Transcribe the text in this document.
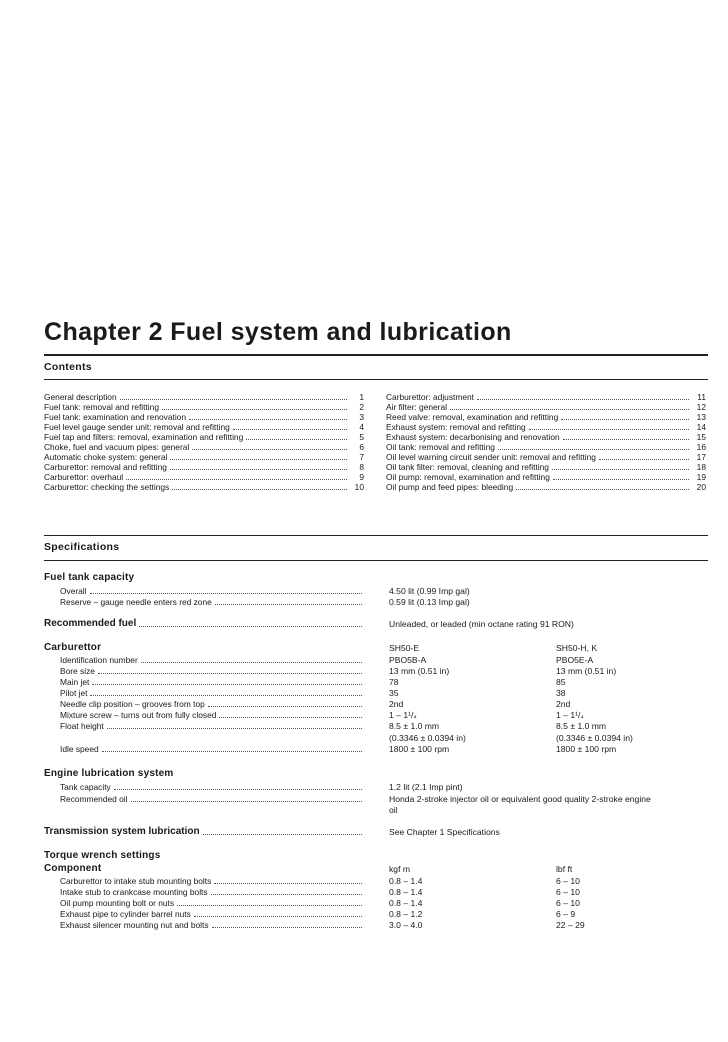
Chapter 2 Fuel system and lubrication
Contents
General description	1
Fuel tank: removal and refitting	2
Fuel tank: examination and renovation	3
Fuel level gauge sender unit: removal and refitting	4
Fuel tap and filters: removal, examination and refitting	5
Choke, fuel and vacuum pipes: general	6
Automatic choke system: general	7
Carburettor: removal and refitting	8
Carburettor: overhaul	9
Carburettor: checking the settings	10
Carburettor: adjustment	11
Air filter: general	12
Reed valve: removal, examination and refitting	13
Exhaust system: removal and refitting	14
Exhaust system: decarbonising and renovation	15
Oil tank: removal and refitting	16
Oil level warning circuit sender unit: removal and refitting	17
Oil tank filter: removal, cleaning and refitting	18
Oil pump: removal, examination and refitting	19
Oil pump and feed pipes: bleeding	20
Specifications
Fuel tank capacity
Overall	4.50 lit (0.99 Imp gal)
Reserve – gauge needle enters red zone	0.59 lit (0.13 Imp gal)
Recommended fuel	Unleaded, or leaded (min octane rating 91 RON)
Carburettor	SH50-E	SH50-H, K
Identification number	PBO5B-A	PBO5E-A
Bore size	13 mm (0.51 in)	13 mm (0.51 in)
Main jet	78	85
Pilot jet	35	38
Needle clip position – grooves from top	2nd	2nd
Mixture screw – turns out from fully closed	1 – 1¹/₄	1 – 1¹/₄
Float height	8.5 ± 1.0 mm	8.5 ± 1.0 mm
(0.3346 ± 0.0394 in)	(0.3346 ± 0.0394 in)
Idle speed	1800 ± 100 rpm	1800 ± 100 rpm
Engine lubrication system
Tank capacity	1.2 lit (2.1 Imp pint)
Recommended oil	Honda 2-stroke injector oil or equivalent good quality 2-stroke engine
oil
Transmission system lubrication	See Chapter 1 Specifications
Torque wrench settings
Component	kgf m	lbf ft
Carburettor to intake stub mounting bolts	0.8 – 1.4	6 – 10
Intake stub to crankcase mounting bolts	0.8 – 1.4	6 – 10
Oil pump mounting bolt or nuts	0.8 – 1.4	6 – 10
Exhaust pipe to cylinder barrel nuts	0.8 – 1.2	6 – 9
Exhaust silencer mounting nut and bolts	3.0 – 4.0	22 – 29
